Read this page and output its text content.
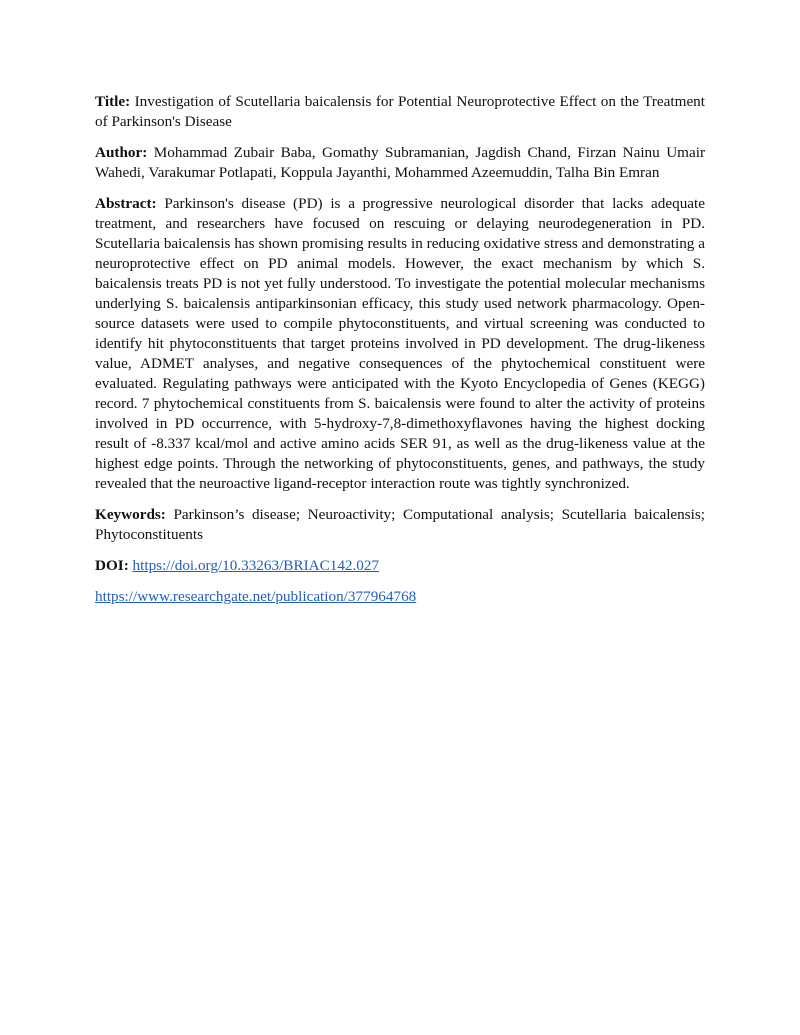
Title: Investigation of Scutellaria baicalensis for Potential Neuroprotective Effect on the Treatment of Parkinson's Disease

Author: Mohammad Zubair Baba, Gomathy Subramanian, Jagdish Chand, Firzan Nainu Umair Wahedi, Varakumar Potlapati, Koppula Jayanthi, Mohammed Azeemuddin, Talha Bin Emran

Abstract: Parkinson's disease (PD) is a progressive neurological disorder that lacks adequate treatment, and researchers have focused on rescuing or delaying neurodegeneration in PD. Scutellaria baicalensis has shown promising results in reducing oxidative stress and demonstrating a neuroprotective effect on PD animal models. However, the exact mechanism by which S. baicalensis treats PD is not yet fully understood. To investigate the potential molecular mechanisms underlying S. baicalensis antiparkinsonian efficacy, this study used network pharmacology. Open-source datasets were used to compile phytoconstituents, and virtual screening was conducted to identify hit phytoconstituents that target proteins involved in PD development. The drug-likeness value, ADMET analyses, and negative consequences of the phytochemical constituent were evaluated. Regulating pathways were anticipated with the Kyoto Encyclopedia of Genes (KEGG) record. 7 phytochemical constituents from S. baicalensis were found to alter the activity of proteins involved in PD occurrence, with 5-hydroxy-7,8-dimethoxyflavones having the highest docking result of -8.337 kcal/mol and active amino acids SER 91, as well as the drug-likeness value at the highest edge points. Through the networking of phytoconstituents, genes, and pathways, the study revealed that the neuroactive ligand-receptor interaction route was tightly synchronized.

Keywords: Parkinson’s disease; Neuroactivity; Computational analysis; Scutellaria baicalensis; Phytoconstituents

DOI: https://doi.org/10.33263/BRIAC142.027

https://www.researchgate.net/publication/377964768
